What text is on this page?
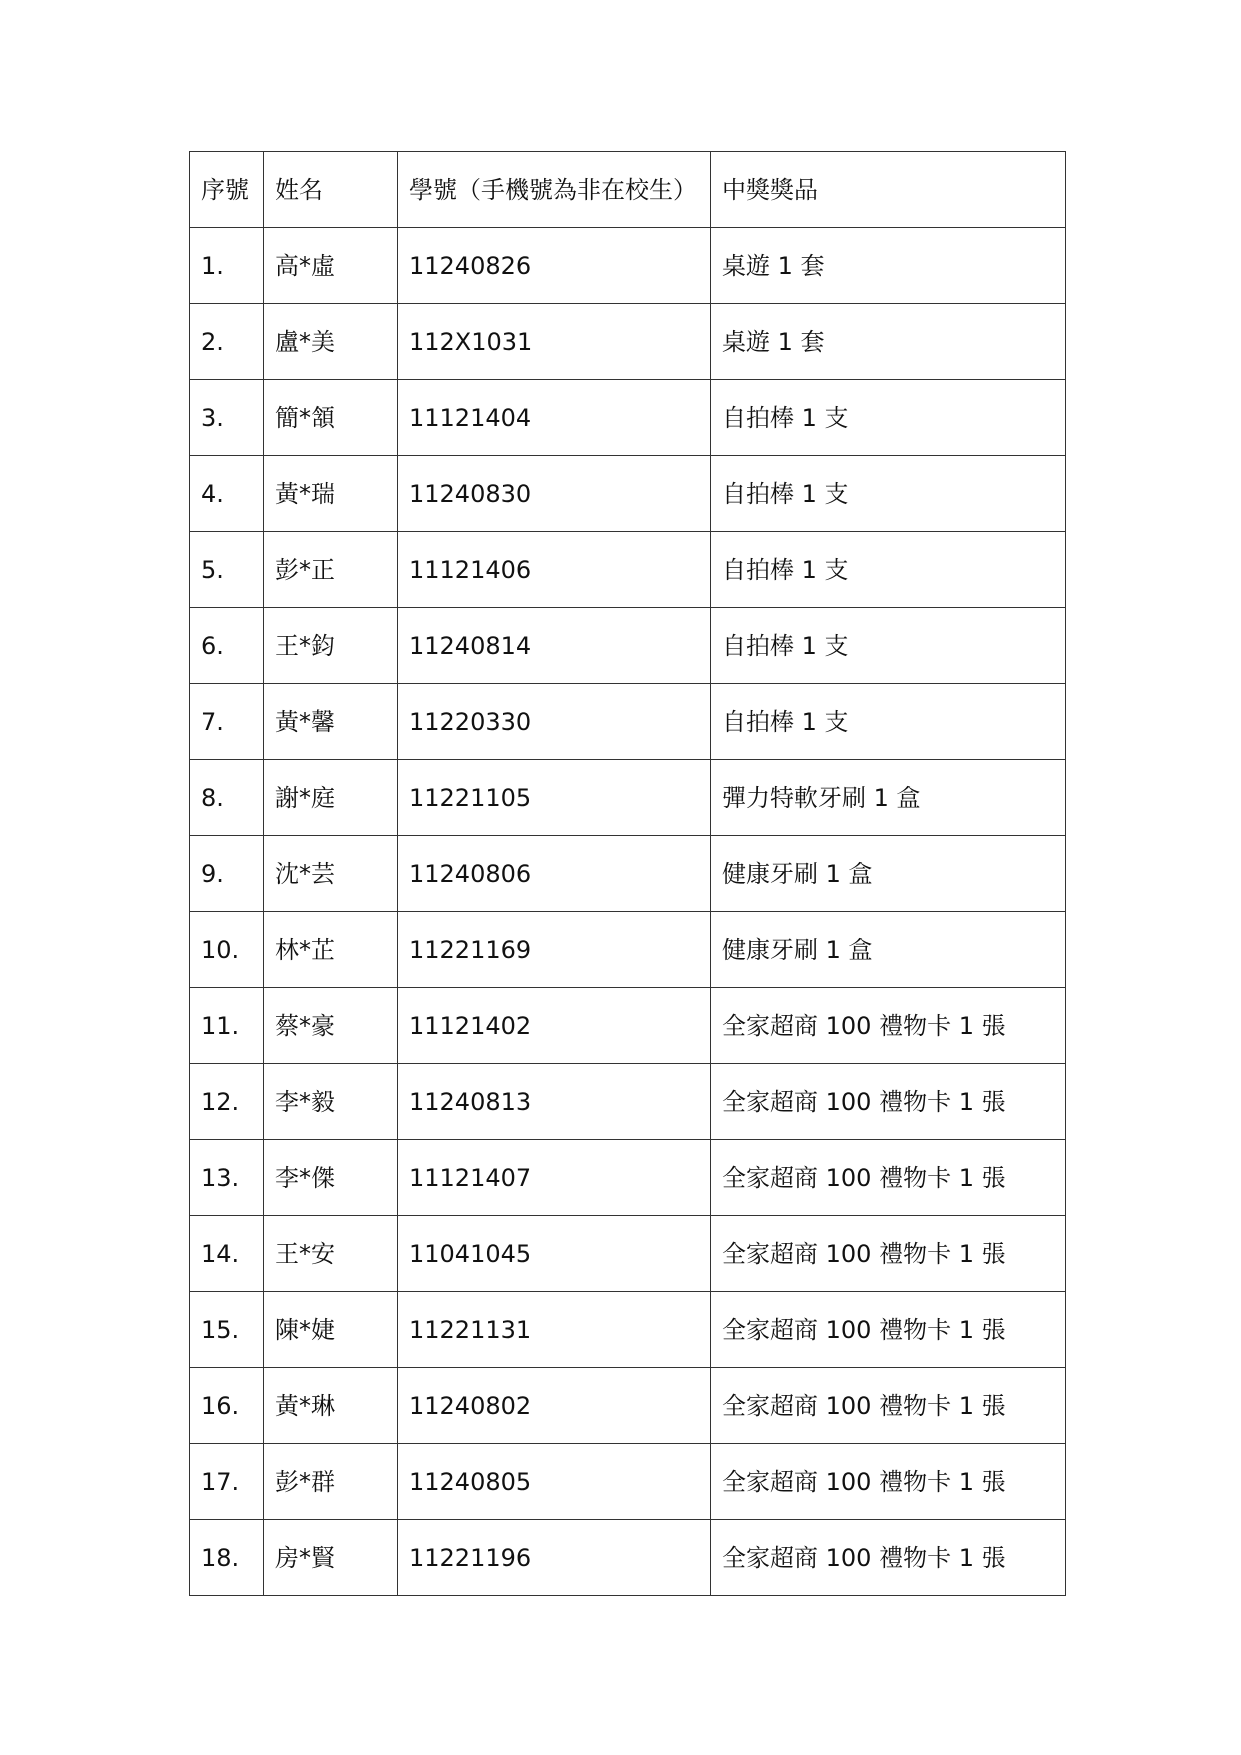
序號	姓名	學號（手機號為非在校生）	中獎獎品
1.	高*虛	11240826	桌遊 1 套
2.	盧*美	112X1031	桌遊 1 套
3.	簡*頷	11121404	自拍棒 1 支
4.	黃*瑞	11240830	自拍棒 1 支
5.	彭*正	11121406	自拍棒 1 支
6.	王*鈞	11240814	自拍棒 1 支
7.	黃*馨	11220330	自拍棒 1 支
8.	謝*庭	11221105	彈力特軟牙刷 1 盒
9.	沈*芸	11240806	健康牙刷 1 盒
10.	林*芷	11221169	健康牙刷 1 盒
11.	蔡*豪	11121402	全家超商 100 禮物卡 1 張
12.	李*毅	11240813	全家超商 100 禮物卡 1 張
13.	李*傑	11121407	全家超商 100 禮物卡 1 張
14.	王*安	11041045	全家超商 100 禮物卡 1 張
15.	陳*婕	11221131	全家超商 100 禮物卡 1 張
16.	黃*琳	11240802	全家超商 100 禮物卡 1 張
17.	彭*群	11240805	全家超商 100 禮物卡 1 張
18.	房*賢	11221196	全家超商 100 禮物卡 1 張
